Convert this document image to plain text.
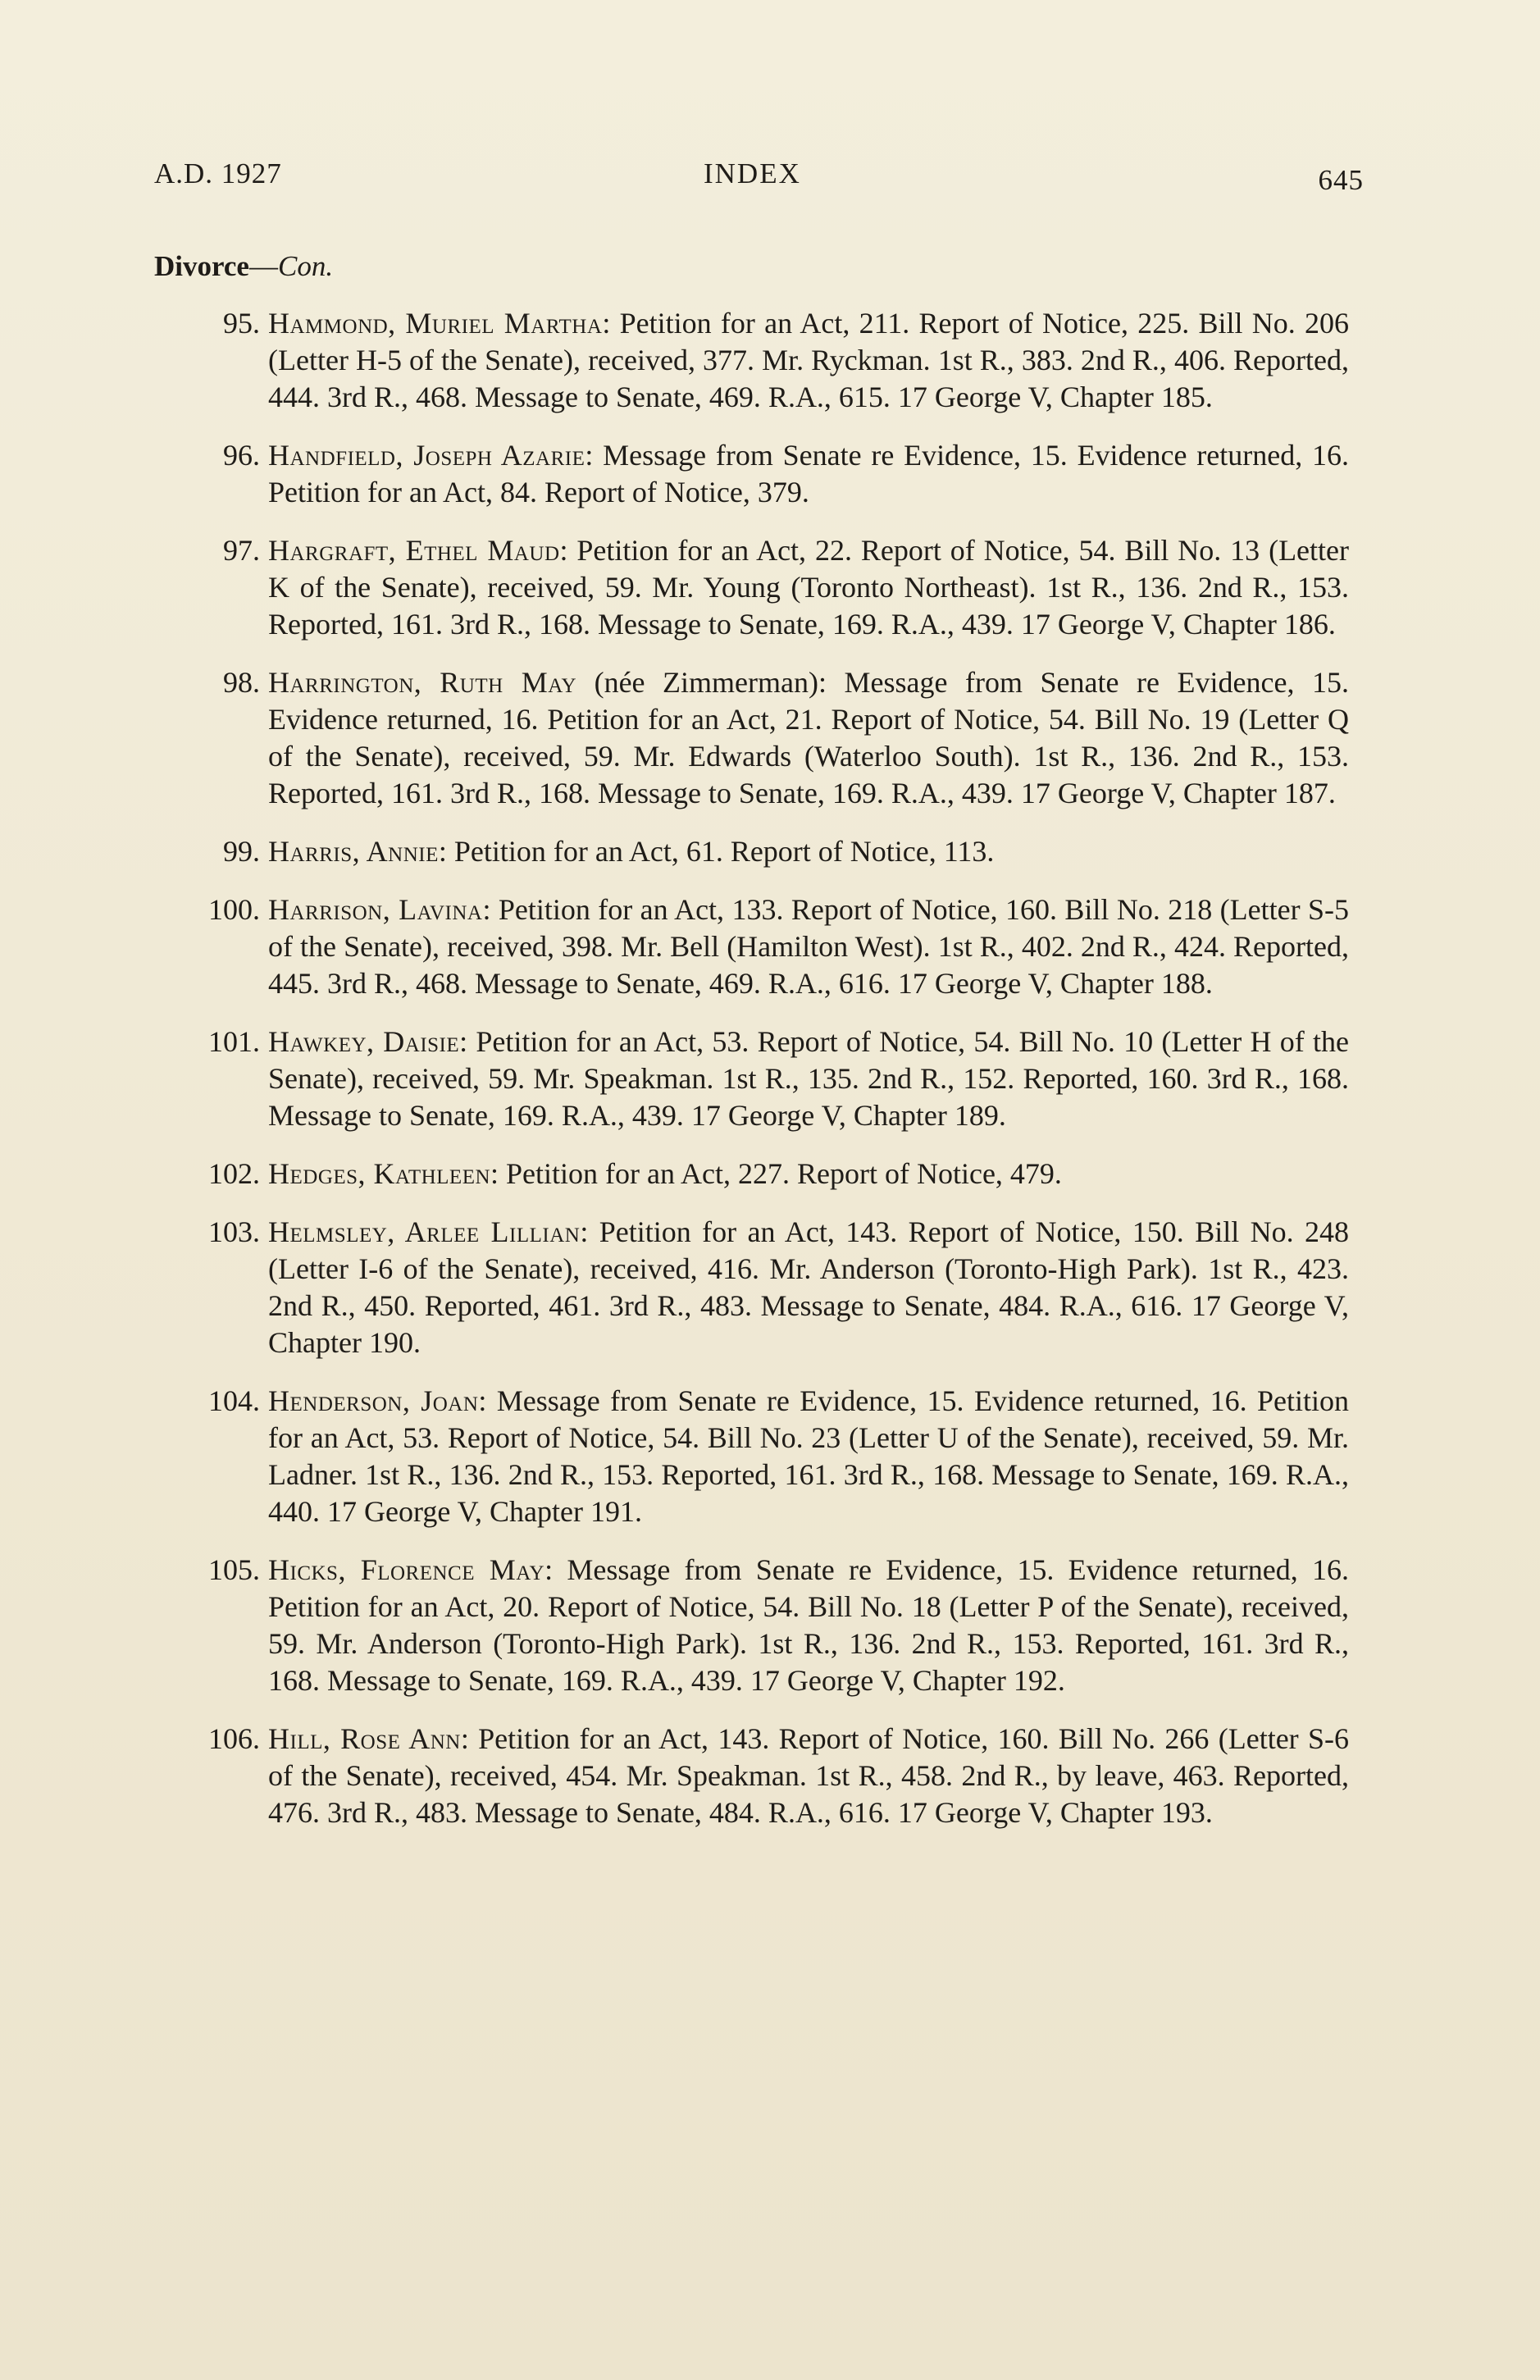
A.D. 1927	INDEX	645
Divorce—Con.
95. Hammond, Muriel Martha: Petition for an Act, 211. Report of Notice, 225. Bill No. 206 (Letter H-5 of the Senate), received, 377. Mr. Ryckman. 1st R., 383. 2nd R., 406. Reported, 444. 3rd R., 468. Message to Senate, 469. R.A., 615. 17 George V, Chapter 185.
96. Handfield, Joseph Azarie: Message from Senate re Evidence, 15. Evidence returned, 16. Petition for an Act, 84. Report of Notice, 379.
97. Hargraft, Ethel Maud: Petition for an Act, 22. Report of Notice, 54. Bill No. 13 (Letter K of the Senate), received, 59. Mr. Young (Toronto Northeast). 1st R., 136. 2nd R., 153. Reported, 161. 3rd R., 168. Message to Senate, 169. R.A., 439. 17 George V, Chapter 186.
98. Harrington, Ruth May (née Zimmerman): Message from Senate re Evidence, 15. Evidence returned, 16. Petition for an Act, 21. Report of Notice, 54. Bill No. 19 (Letter Q of the Senate), received, 59. Mr. Edwards (Waterloo South). 1st R., 136. 2nd R., 153. Reported, 161. 3rd R., 168. Message to Senate, 169. R.A., 439. 17 George V, Chapter 187.
99. Harris, Annie: Petition for an Act, 61. Report of Notice, 113.
100. Harrison, Lavina: Petition for an Act, 133. Report of Notice, 160. Bill No. 218 (Letter S-5 of the Senate), received, 398. Mr. Bell (Hamilton West). 1st R., 402. 2nd R., 424. Reported, 445. 3rd R., 468. Message to Senate, 469. R.A., 616. 17 George V, Chapter 188.
101. Hawkey, Daisie: Petition for an Act, 53. Report of Notice, 54. Bill No. 10 (Letter H of the Senate), received, 59. Mr. Speakman. 1st R., 135. 2nd R., 152. Reported, 160. 3rd R., 168. Message to Senate, 169. R.A., 439. 17 George V, Chapter 189.
102. Hedges, Kathleen: Petition for an Act, 227. Report of Notice, 479.
103. Helmsley, Arlee Lillian: Petition for an Act, 143. Report of Notice, 150. Bill No. 248 (Letter I-6 of the Senate), received, 416. Mr. Anderson (Toronto-High Park). 1st R., 423. 2nd R., 450. Reported, 461. 3rd R., 483. Message to Senate, 484. R.A., 616. 17 George V, Chapter 190.
104. Henderson, Joan: Message from Senate re Evidence, 15. Evidence returned, 16. Petition for an Act, 53. Report of Notice, 54. Bill No. 23 (Letter U of the Senate), received, 59. Mr. Ladner. 1st R., 136. 2nd R., 153. Reported, 161. 3rd R., 168. Message to Senate, 169. R.A., 440. 17 George V, Chapter 191.
105. Hicks, Florence May: Message from Senate re Evidence, 15. Evidence returned, 16. Petition for an Act, 20. Report of Notice, 54. Bill No. 18 (Letter P of the Senate), received, 59. Mr. Anderson (Toronto-High Park). 1st R., 136. 2nd R., 153. Reported, 161. 3rd R., 168. Message to Senate, 169. R.A., 439. 17 George V, Chapter 192.
106. Hill, Rose Ann: Petition for an Act, 143. Report of Notice, 160. Bill No. 266 (Letter S-6 of the Senate), received, 454. Mr. Speakman. 1st R., 458. 2nd R., by leave, 463. Reported, 476. 3rd R., 483. Message to Senate, 484. R.A., 616. 17 George V, Chapter 193.
